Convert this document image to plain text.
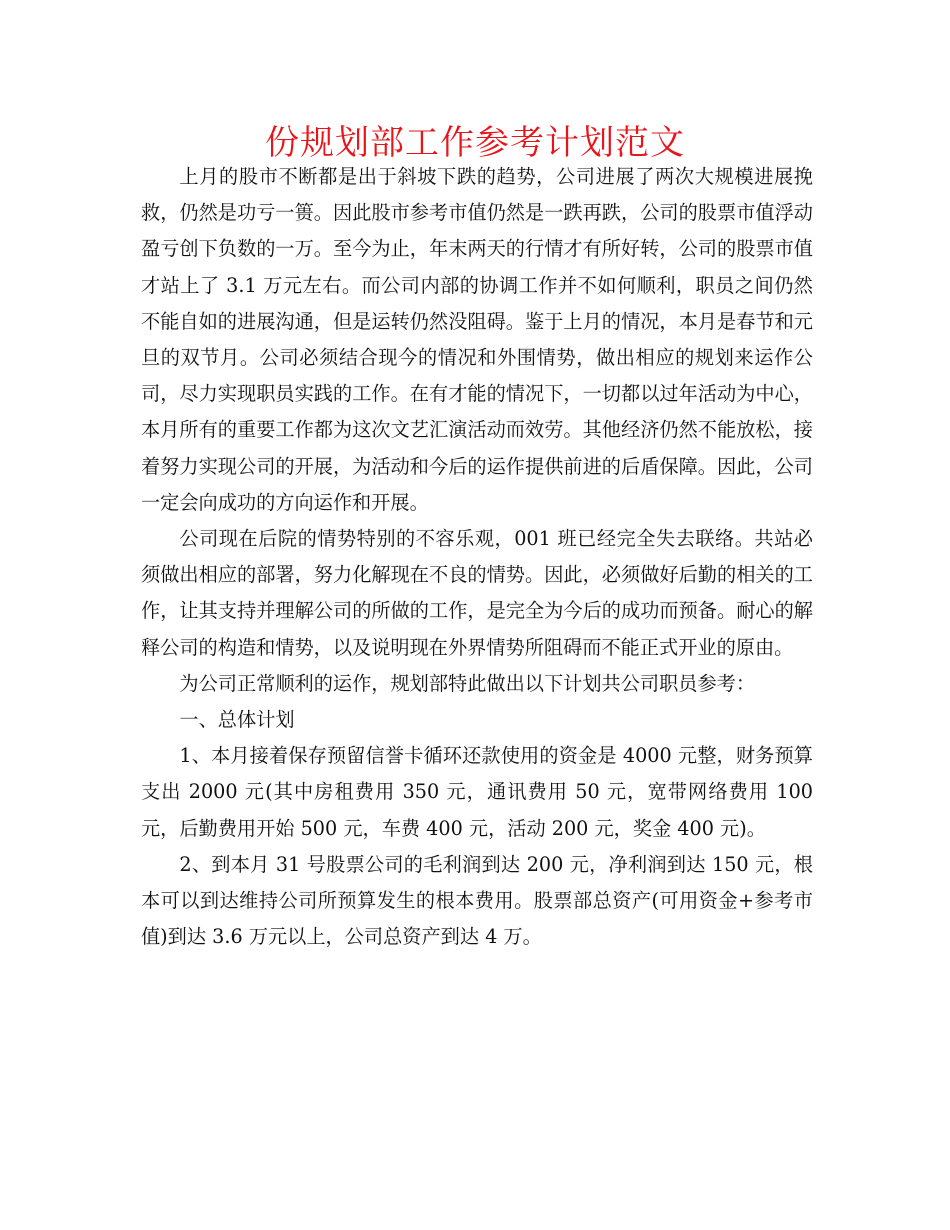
份规划部工作参考计划范文

上月的股市不断都是出于斜坡下跌的趋势，公司进展了两次大规模进展挽救，仍然是功亏一篑。因此股市参考市值仍然是一跌再跌，公司的股票市值浮动盈亏创下负数的一万。至今为止，年末两天的行情才有所好转，公司的股票市值才站上了 3.1 万元左右。而公司内部的协调工作并不如何顺利，职员之间仍然不能自如的进展沟通，但是运转仍然没阻碍。鉴于上月的情况，本月是春节和元旦的双节月。公司必须结合现今的情况和外围情势，做出相应的规划来运作公司，尽力实现职员实践的工作。在有才能的情况下，一切都以过年活动为中心，本月所有的重要工作都为这次文艺汇演活动而效劳。其他经济仍然不能放松，接着努力实现公司的开展，为活动和今后的运作提供前进的后盾保障。因此，公司一定会向成功的方向运作和开展。

公司现在后院的情势特别的不容乐观，001 班已经完全失去联络。共站必须做出相应的部署，努力化解现在不良的情势。因此，必须做好后勤的相关的工作，让其支持并理解公司的所做的工作，是完全为今后的成功而预备。耐心的解释公司的构造和情势，以及说明现在外界情势所阻碍而不能正式开业的原由。

为公司正常顺利的运作，规划部特此做出以下计划共公司职员参考：

一、总体计划

1、本月接着保存预留信誉卡循环还款使用的资金是 4000 元整，财务预算支出 2000 元(其中房租费用 350 元，通讯费用 50 元，宽带网络费用 100 元，后勤费用开始 500 元，车费 400 元，活动 200 元，奖金 400 元)。

2、到本月 31 号股票公司的毛利润到达 200 元，净利润到达 150 元，根本可以到达维持公司所预算发生的根本费用。股票部总资产(可用资金+参考市值)到达 3.6 万元以上，公司总资产到达 4 万。
